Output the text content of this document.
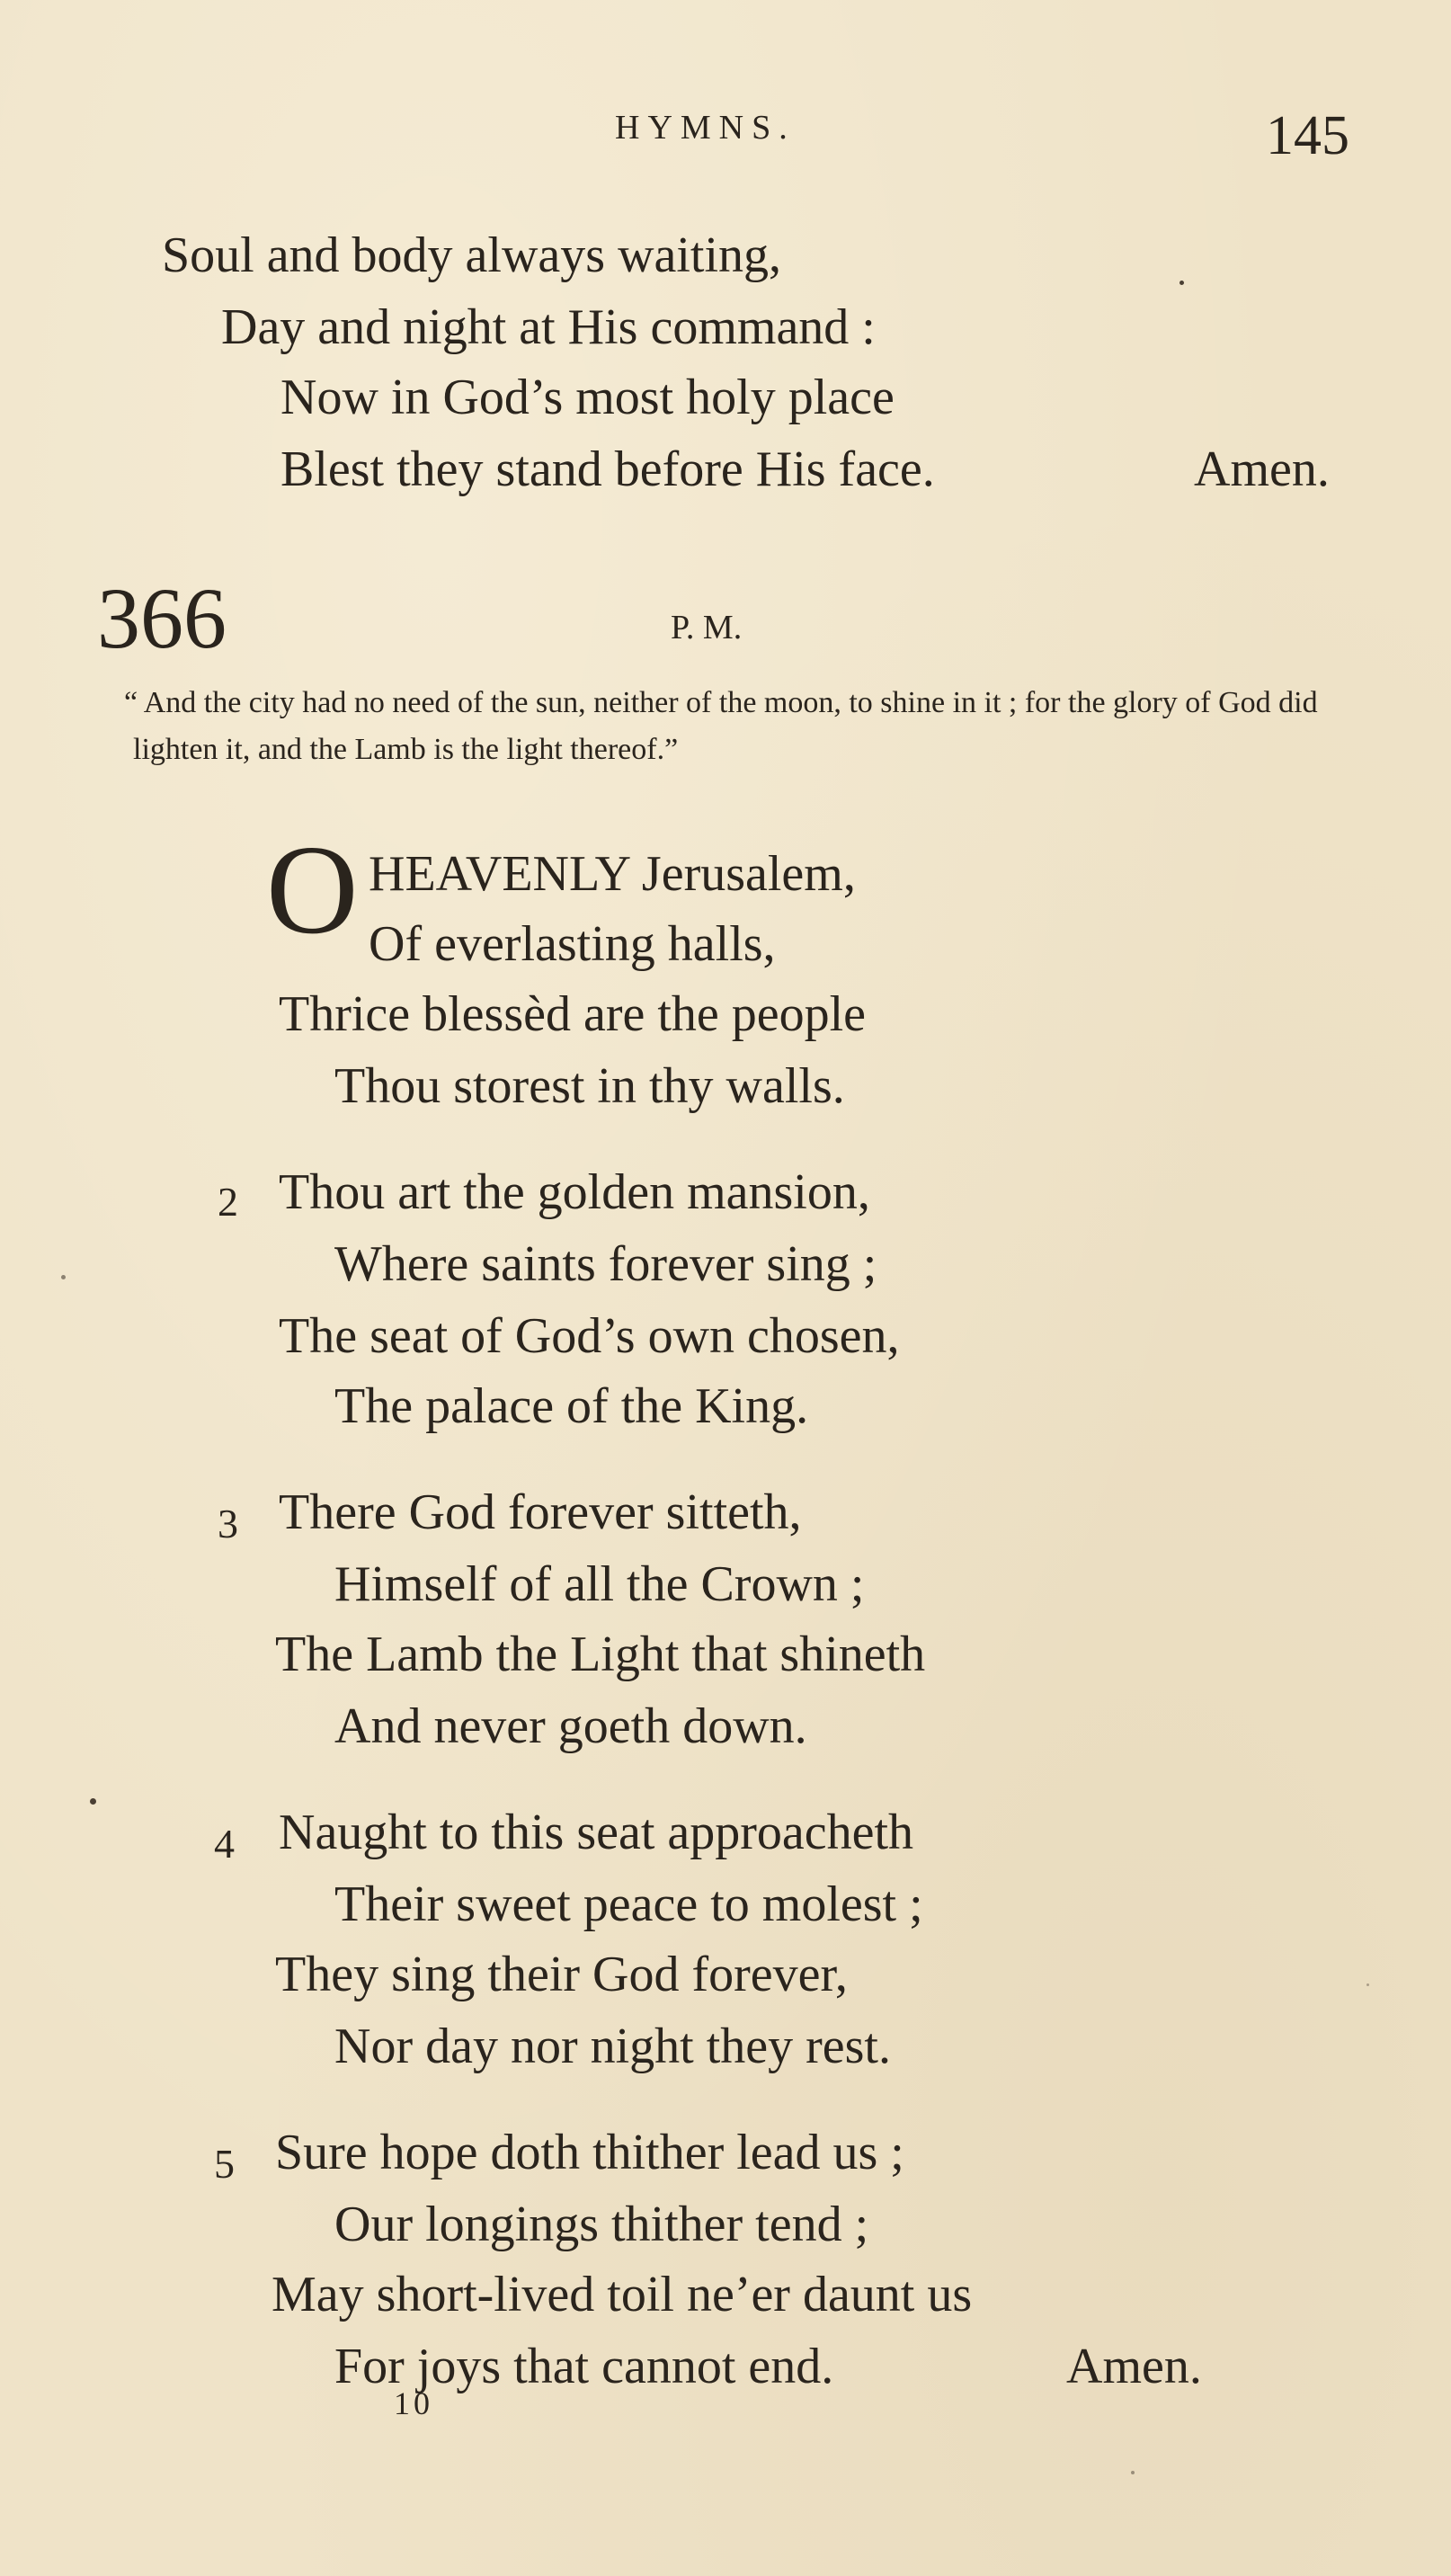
HYMNS.	145
Soul and body always waiting,
Day and night at His command :
Now in God’s most holy place
Blest they stand before His face.	Amen.
366	P. M.
“ And the city had no need of the sun, neither of the moon, to shine in it ; for the glory of God did lighten it, and the Lamb is the light thereof.”
O HEAVENLY Jerusalem,
Of everlasting halls,
Thrice blessèd are the people
Thou storest in thy walls.
2 Thou art the golden mansion,
Where saints forever sing ;
The seat of God’s own chosen,
The palace of the King.
3 There God forever sitteth,
Himself of all the Crown ;
The Lamb the Light that shineth
And never goeth down.
4 Naught to this seat approacheth
Their sweet peace to molest ;
They sing their God forever,
Nor day nor night they rest.
5 Sure hope doth thither lead us ;
Our longings thither tend ;
May short-lived toil ne’er daunt us
For joys that cannot end.	Amen.
10
